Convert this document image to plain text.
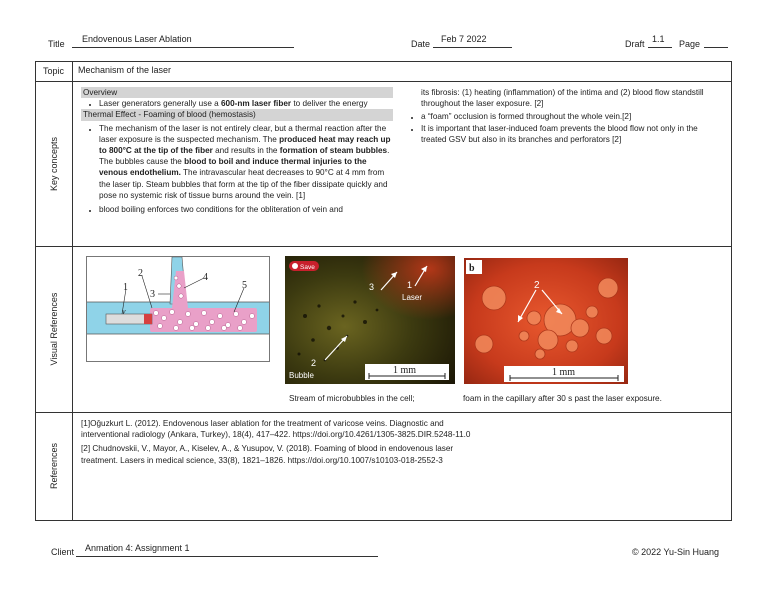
Title Endovenous Laser Ablation	Date Feb 7 2022	Draft 1.1 Page
Topic Mechanism of the laser
Key concepts
Overview
• Laser generators generally use a 600-nm laser fiber to deliver the energy
Thermal Effect - Foaming of blood (hemostasis)
• The mechanism of the laser is not entirely clear, but a thermal reaction after the laser exposure is the suspected mechanism. The produced heat may reach up to 800°C at the tip of the fiber and results in the formation of steam bubbles. The bubbles cause the blood to boil and induce thermal injuries to the venous endothelium. The intravascular heat decreases to 90°C at 4 mm from the laser tip. Steam bubbles that form at the tip of the fiber dissipate quickly and pose no systemic risk of tissue burns around the vein. [1]
• blood boiling enforces two conditions for the obliteration of vein and
its fibrosis: (1) heating (inflammation) of the intima and (2) blood flow standstill throughout the laser exposure. [2]
• a “foam” occlusion is formed throughout the whole vein.[2]
• It is important that laser-induced foam prevents the blood flow not only in the treated GSV but also in its branches and perforators [2]
Visual References
1
2
3
4
5
v
Save
3	1
Laser
2
Bubble	1 mm
b
2
1 mm
Stream of microbubbles in the cell;	foam in the capillary after 30 s past the laser exposure.
References
[1]Oğuzkurt L. (2012). Endovenous laser ablation for the treatment of varicose veins. Diagnostic and interventional radiology (Ankara, Turkey), 18(4), 417–422. https://doi.org/10.4261/1305-3825.DIR.5248-11.0
[2] Chudnovskii, V., Mayor, A., Kiselev, A., & Yusupov, V. (2018). Foaming of blood in endovenous laser treatment. Lasers in medical science, 33(8), 1821–1826. https://doi.org/10.1007/s10103-018-2552-3
Client Anmation 4: Assignment 1	© 2022 Yu-Sin Huang
